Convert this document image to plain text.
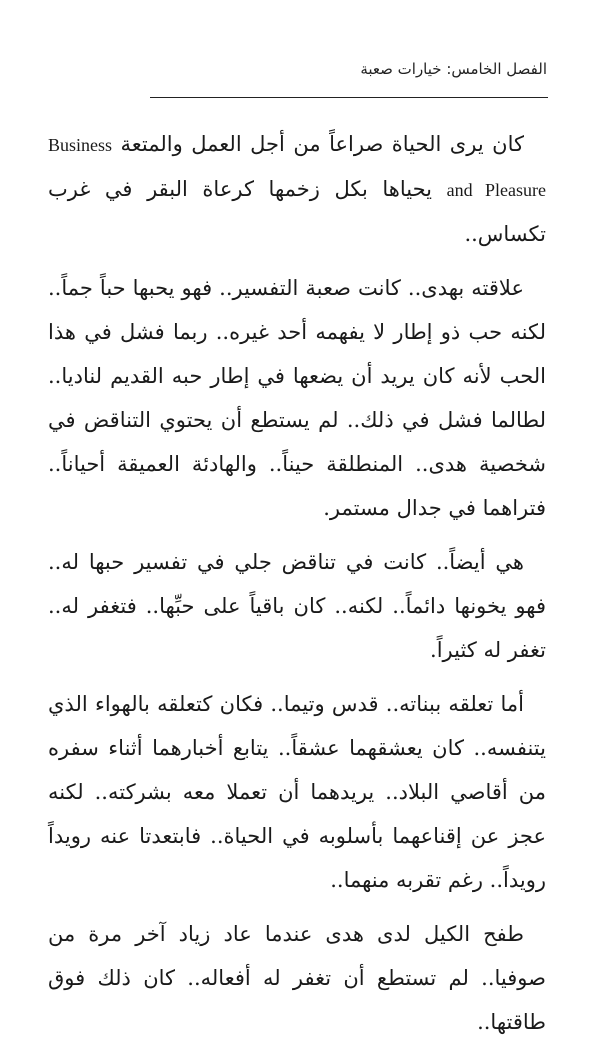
الفصل الخامس: خيارات صعبة

كان يرى الحياة صراعاً من أجل العمل والمتعة Business and Pleasure يحياها بكل زخمها كرعاة البقر في غرب تكساس..

علاقته بهدى.. كانت صعبة التفسير.. فهو يحبها حباً جماً.. لكنه حب ذو إطار لا يفهمه أحد غيره.. ربما فشل في هذا الحب لأنه كان يريد أن يضعها في إطار حبه القديم لناديا.. لطالما فشل في ذلك.. لم يستطع أن يحتوي التناقض في شخصية هدى.. المنطلقة حيناً.. والهادئة العميقة أحياناً.. فتراهما في جدال مستمر.

هي أيضاً.. كانت في تناقض جلي في تفسير حبها له.. فهو يخونها دائماً.. لكنه.. كان باقياً على حبِّها.. فتغفر له.. تغفر له كثيراً.

أما تعلقه ببناته.. قدس وتيما.. فكان كتعلقه بالهواء الذي يتنفسه.. كان يعشقهما عشقاً.. يتابع أخبارهما أثناء سفره من أقاصي البلاد.. يريدهما أن تعملا معه بشركته.. لكنه عجز عن إقناعهما بأسلوبه في الحياة.. فابتعدتا عنه رويداً رويداً.. رغم تقربه منهما..

طفح الكيل لدى هدى عندما عاد زياد آخر مرة من صوفيا.. لم تستطع أن تغفر له أفعاله.. كان ذلك فوق طاقتها..
